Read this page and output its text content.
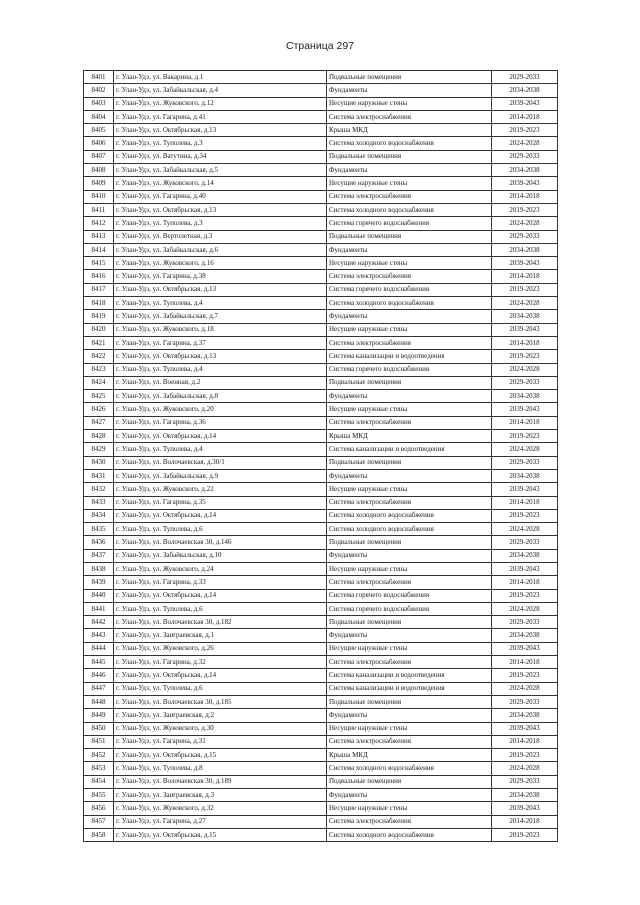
Страница 297
8401	г. Улан-Удэ, ул. Вакарина, д.1	Подвальные помещения	2029-2033
8402	г. Улан-Удэ, ул. Забайкальская, д.4	Фундаменты	2034-2038
8403	г. Улан-Удэ, ул. Жуковского, д.12	Несущие наружные стены	2039-2043
8404	г. Улан-Удэ, ул. Гагарина, д.41	Система электроснабжения	2014-2018
8405	г. Улан-Удэ, ул. Октябрьская, д.13	Крыша МКД	2019-2023
8406	г. Улан-Удэ, ул. Туполева, д.3	Система холодного водоснабжения	2024-2028
8407	г. Улан-Удэ, ул. Ватутина, д.34	Подвальные помещения	2029-2033
8408	г. Улан-Удэ, ул. Забайкальская, д.5	Фундаменты	2034-2038
8409	г. Улан-Удэ, ул. Жуковского, д.14	Несущие наружные стены	2039-2043
8410	г. Улан-Удэ, ул. Гагарина, д.40	Система электроснабжения	2014-2018
8411	г. Улан-Удэ, ул. Октябрьская, д.13	Система холодного водоснабжения	2019-2023
8412	г. Улан-Удэ, ул. Туполева, д.3	Система горячего водоснабжения	2024-2028
8413	г. Улан-Удэ, ул. Вертолетная, д.3	Подвальные помещения	2029-2033
8414	г. Улан-Удэ, ул. Забайкальская, д.6	Фундаменты	2034-2038
8415	г. Улан-Удэ, ул. Жуковского, д.16	Несущие наружные стены	2039-2043
8416	г. Улан-Удэ, ул. Гагарина, д.38	Система электроснабжения	2014-2018
8417	г. Улан-Удэ, ул. Октябрьская, д.13	Система горячего водоснабжения	2019-2023
8418	г. Улан-Удэ, ул. Туполева, д.4	Система холодного водоснабжения	2024-2028
8419	г. Улан-Удэ, ул. Забайкальская, д.7	Фундаменты	2034-2038
8420	г. Улан-Удэ, ул. Жуковского, д.18	Несущие наружные стены	2039-2043
8421	г. Улан-Удэ, ул. Гагарина, д.37	Система электроснабжения	2014-2018
8422	г. Улан-Удэ, ул. Октябрьская, д.13	Система канализации и водоотведения	2019-2023
8423	г. Улан-Удэ, ул. Туполева, д.4	Система горячего водоснабжения	2024-2028
8424	г. Улан-Удэ, ул. Военная, д.2	Подвальные помещения	2029-2033
8425	г. Улан-Удэ, ул. Забайкальская, д.8	Фундаменты	2034-2038
8426	г. Улан-Удэ, ул. Жуковского, д.20	Несущие наружные стены	2039-2043
8427	г. Улан-Удэ, ул. Гагарина, д.36	Система электроснабжения	2014-2018
8428	г. Улан-Удэ, ул. Октябрьская, д.14	Крыша МКД	2019-2023
8429	г. Улан-Удэ, ул. Туполева, д.4	Система канализации и водоотведения	2024-2028
8430	г. Улан-Удэ, ул. Волочаевская, д.30/1	Подвальные помещения	2029-2033
8431	г. Улан-Удэ, ул. Забайкальская, д.9	Фундаменты	2034-2038
8432	г. Улан-Удэ, ул. Жуковского, д.22	Несущие наружные стены	2039-2043
8433	г. Улан-Удэ, ул. Гагарина, д.35	Система электроснабжения	2014-2018
8434	г. Улан-Удэ, ул. Октябрьская, д.14	Система холодного водоснабжения	2019-2023
8435	г. Улан-Удэ, ул. Туполева, д.6	Система холодного водоснабжения	2024-2028
8436	г. Улан-Удэ, ул. Волочаевская 30, д.146	Подвальные помещения	2029-2033
8437	г. Улан-Удэ, ул. Забайкальская, д.10	Фундаменты	2034-2038
8438	г. Улан-Удэ, ул. Жуковского, д.24	Несущие наружные стены	2039-2043
8439	г. Улан-Удэ, ул. Гагарина, д.33	Система электроснабжения	2014-2018
8440	г. Улан-Удэ, ул. Октябрьская, д.14	Система горячего водоснабжения	2019-2023
8441	г. Улан-Удэ, ул. Туполева, д.6	Система горячего водоснабжения	2024-2028
8442	г. Улан-Удэ, ул. Волочаевская 30, д.182	Подвальные помещения	2029-2033
8443	г. Улан-Удэ, ул. Заиграевская, д.1	Фундаменты	2034-2038
8444	г. Улан-Удэ, ул. Жуковского, д.26	Несущие наружные стены	2039-2043
8445	г. Улан-Удэ, ул. Гагарина, д.32	Система электроснабжения	2014-2018
8446	г. Улан-Удэ, ул. Октябрьская, д.14	Система канализации и водоотведения	2019-2023
8447	г. Улан-Удэ, ул. Туполева, д.6	Система канализации и водоотведения	2024-2028
8448	г. Улан-Удэ, ул. Волочаевская 30, д.185	Подвальные помещения	2029-2033
8449	г. Улан-Удэ, ул. Заиграевская, д.2	Фундаменты	2034-2038
8450	г. Улан-Удэ, ул. Жуковского, д.30	Несущие наружные стены	2039-2043
8451	г. Улан-Удэ, ул. Гагарина, д.31	Система электроснабжения	2014-2018
8452	г. Улан-Удэ, ул. Октябрьская, д.15	Крыша МКД	2019-2023
8453	г. Улан-Удэ, ул. Туполева, д.8	Система холодного водоснабжения	2024-2028
8454	г. Улан-Удэ, ул. Волочаевская 30, д.189	Подвальные помещения	2029-2033
8455	г. Улан-Удэ, ул. Заиграевская, д.3	Фундаменты	2034-2038
8456	г. Улан-Удэ, ул. Жуковского, д.32	Несущие наружные стены	2039-2043
8457	г. Улан-Удэ, ул. Гагарина, д.27	Система электроснабжения	2014-2018
8458	г. Улан-Удэ, ул. Октябрьская, д.15	Система холодного водоснабжения	2019-2023
